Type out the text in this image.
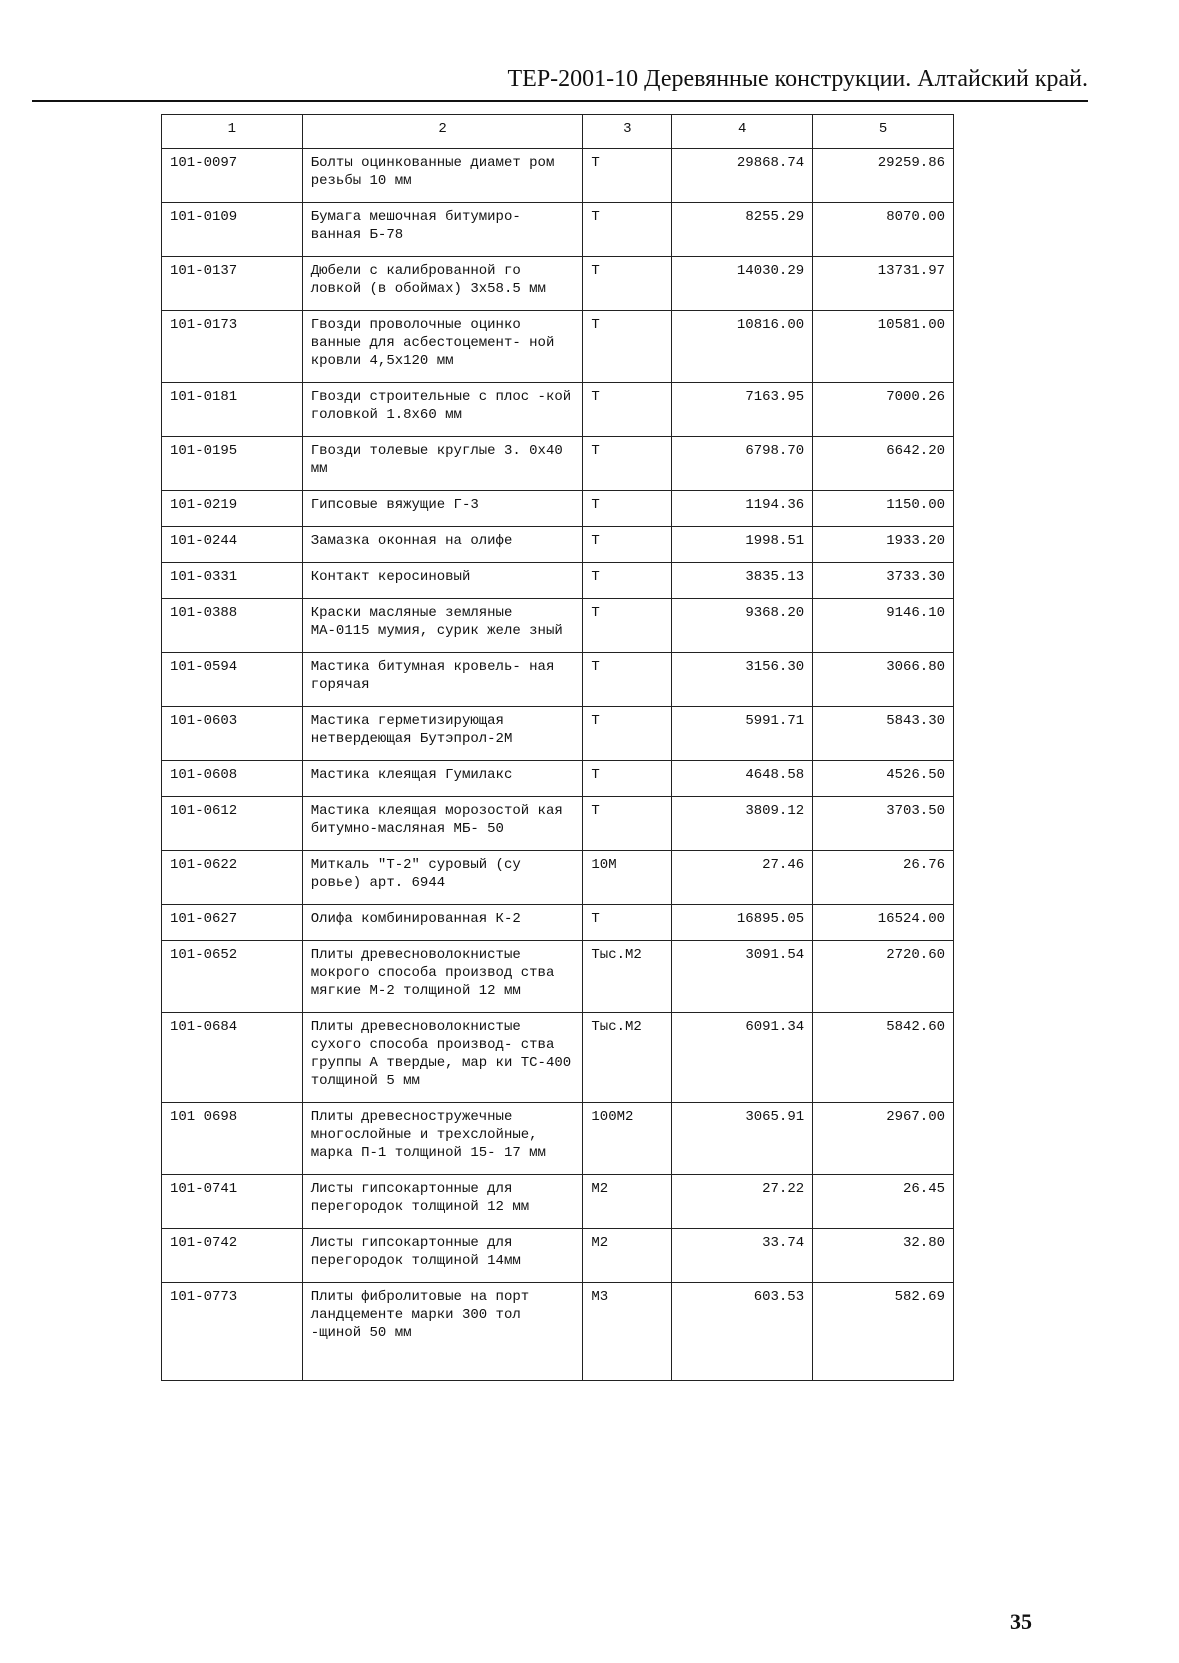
ТЕР-2001-10 Деревянные конструкции. Алтайский край.
1	2	3	4	5
101-0097	Болты оцинкованные диамет ром резьбы 10 мм	Т	29868.74	29259.86
101-0109	Бумага мешочная битумиро- ванная Б-78	Т	8255.29	8070.00
101-0137	Дюбели с калиброванной го ловкой (в обоймах) 3х58.5 мм	Т	14030.29	13731.97
101-0173	Гвозди проволочные оцинко ванные для асбестоцемент- ной кровли 4,5х120 мм	Т	10816.00	10581.00
101-0181	Гвозди строительные с плос -кой головкой 1.8х60 мм	Т	7163.95	7000.26
101-0195	Гвозди толевые круглые 3. 0х40 мм	Т	6798.70	6642.20
101-0219	Гипсовые вяжущие Г-3	Т	1194.36	1150.00
101-0244	Замазка оконная на олифе	Т	1998.51	1933.20
101-0331	Контакт керосиновый	Т	3835.13	3733.30
101-0388	Краски масляные земляные МА-0115 мумия, сурик желе зный	Т	9368.20	9146.10
101-0594	Мастика битумная кровель- ная горячая	Т	3156.30	3066.80
101-0603	Мастика герметизирующая нетвердеющая Бутэпрол-2М	Т	5991.71	5843.30
101-0608	Мастика клеящая Гумилакс	Т	4648.58	4526.50
101-0612	Мастика клеящая морозостой кая битумно-масляная МБ- 50	Т	3809.12	3703.50
101-0622	Миткаль "Т-2" суровый (су ровье) арт. 6944	10М	27.46	26.76
101-0627	Олифа комбинированная К-2	Т	16895.05	16524.00
101-0652	Плиты древесноволокнистые мокрого способа производ ства мягкие М-2 толщиной 12 мм	Тыс.М2	3091.54	2720.60
101-0684	Плиты древесноволокнистые сухого способа производ- ства группы А твердые, мар ки ТС-400 толщиной 5 мм	Тыс.М2	6091.34	5842.60
101 0698	Плиты древесностружечные многослойные и трехслойные, марка П-1 толщиной 15- 17 мм	100М2	3065.91	2967.00
101-0741	Листы гипсокартонные для перегородок толщиной 12 мм	М2	27.22	26.45
101-0742	Листы гипсокартонные для перегородок толщиной 14мм	М2	33.74	32.80
101-0773	Плиты фибролитовые на порт ландцементе марки 300 тол -щиной 50 мм	М3	603.53	582.69
35
